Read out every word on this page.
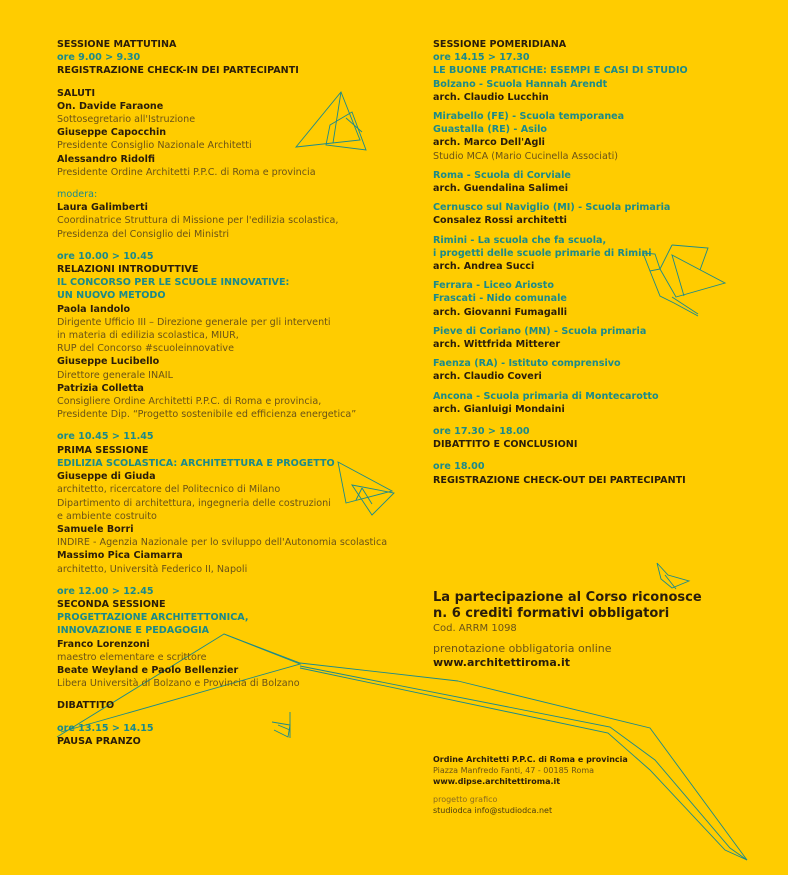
SESSIONE MATTUTINA
ore 9.00 > 9.30
REGISTRAZIONE CHECK-IN DEI PARTECIPANTI
SALUTI
On. Davide Faraone
Sottosegretario all'Istruzione
Giuseppe Capocchin
Presidente Consiglio Nazionale Architetti
Alessandro Ridolfi
Presidente Ordine Architetti P.P.C. di Roma e provincia
modera:
Laura Galimberti
Coordinatrice Struttura di Missione per l'edilizia scolastica,
Presidenza del Consiglio dei Ministri
ore 10.00 > 10.45
RELAZIONI INTRODUTTIVE
IL CONCORSO PER LE SCUOLE INNOVATIVE:
UN NUOVO METODO
Paola Iandolo
Dirigente Ufficio III – Direzione generale per gli interventi
in materia di edilizia scolastica, MIUR,
RUP del Concorso #scuoleinnovative
Giuseppe Lucibello
Direttore generale INAIL
Patrizia Colletta
Consigliere Ordine Architetti P.P.C. di Roma e provincia,
Presidente Dip. “Progetto sostenibile ed efficienza energetica”
ore 10.45 > 11.45
PRIMA SESSIONE
EDILIZIA SCOLASTICA: ARCHITETTURA E PROGETTO
Giuseppe di Giuda
architetto, ricercatore del Politecnico di Milano
Dipartimento di architettura, ingegneria delle costruzioni
e ambiente costruito
Samuele Borri
INDIRE - Agenzia Nazionale per lo sviluppo dell'Autonomia scolastica
Massimo Pica Ciamarra
architetto, Università Federico II, Napoli
ore 12.00 > 12.45
SECONDA SESSIONE
PROGETTAZIONE ARCHITETTONICA,
INNOVAZIONE E PEDAGOGIA
Franco Lorenzoni
maestro elementare e scrittore
Beate Weyland e Paolo Bellenzier
Libera Università di Bolzano e Provincia di Bolzano
DIBATTITO
ore 13.15 > 14.15
PAUSA PRANZO
SESSIONE POMERIDIANA
ore 14.15 > 17.30
LE BUONE PRATICHE: ESEMPI E CASI DI STUDIO
Bolzano - Scuola Hannah Arendt
arch. Claudio Lucchin
Mirabello (FE) - Scuola temporanea
Guastalla (RE) - Asilo
arch. Marco Dell'Agli
Studio MCA (Mario Cucinella Associati)
Roma - Scuola di Corviale
arch. Guendalina Salimei
Cernusco sul Naviglio (MI) - Scuola primaria
Consalez Rossi architetti
Rimini - La scuola che fa scuola,
i progetti delle scuole primarie di Rimini
arch. Andrea Succi
Ferrara - Liceo Ariosto
Frascati - Nido comunale
arch. Giovanni Fumagalli
Pieve di Coriano (MN) - Scuola primaria
arch. Wittfrida Mitterer
Faenza (RA) - Istituto comprensivo
arch. Claudio Coveri
Ancona - Scuola primaria di Montecarotto
arch. Gianluigi Mondaini
ore 17.30 > 18.00
DIBATTITO E CONCLUSIONI
ore 18.00
REGISTRAZIONE CHECK-OUT DEI PARTECIPANTI
La partecipazione al Corso riconosce
n. 6 crediti formativi obbligatori
Cod. ARRM 1098
prenotazione obbligatoria online
www.architettiroma.it
Ordine Architetti P.P.C. di Roma e provincia
Piazza Manfredo Fanti, 47 - 00185 Roma
www.dipse.architettiroma.it
progetto grafico
studiodca info@studiodca.net
